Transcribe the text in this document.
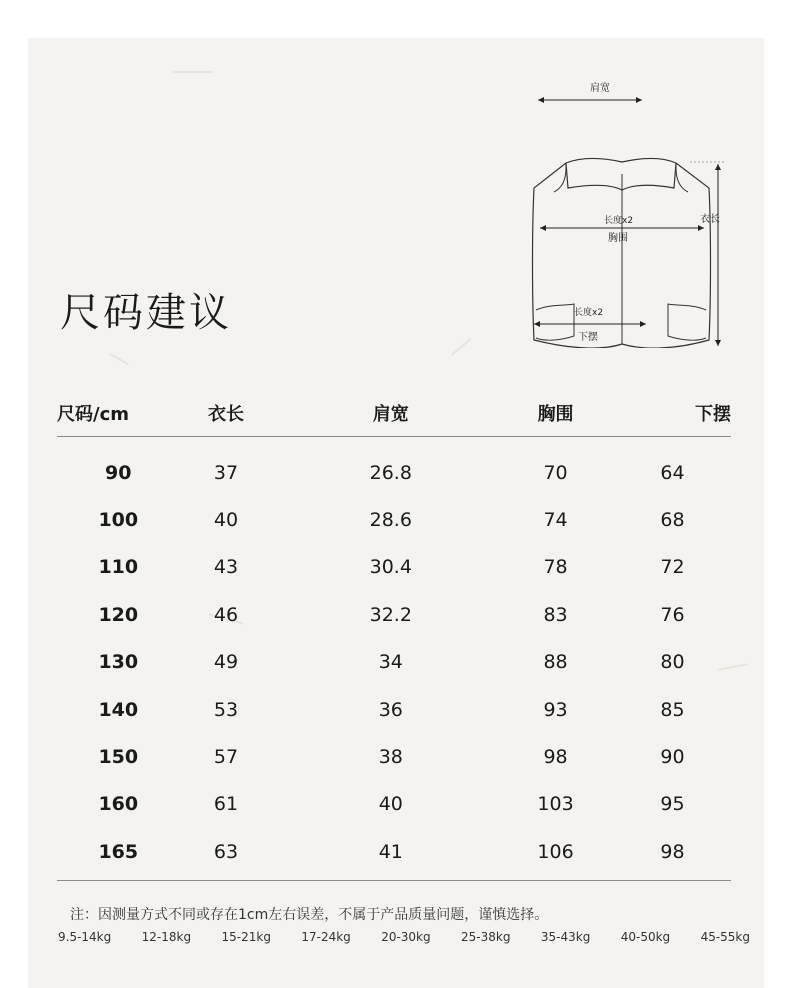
尺码建议
肩宽
长度x2
胸围
衣长
长度x2
下摆
尺码/cm	衣长	肩宽	胸围	下摆
90	37	26.8	70	64
100	40	28.6	74	68
110	43	30.4	78	72
120	46	32.2	83	76
130	49	34	88	80
140	53	36	93	85
150	57	38	98	90
160	61	40	103	95
165	63	41	106	98
注：因测量方式不同或存在1cm左右误差，不属于产品质量问题，谨慎选择。
9.5-14kg	12-18kg	15-21kg	17-24kg	20-30kg	25-38kg	35-43kg	40-50kg	45-55kg
